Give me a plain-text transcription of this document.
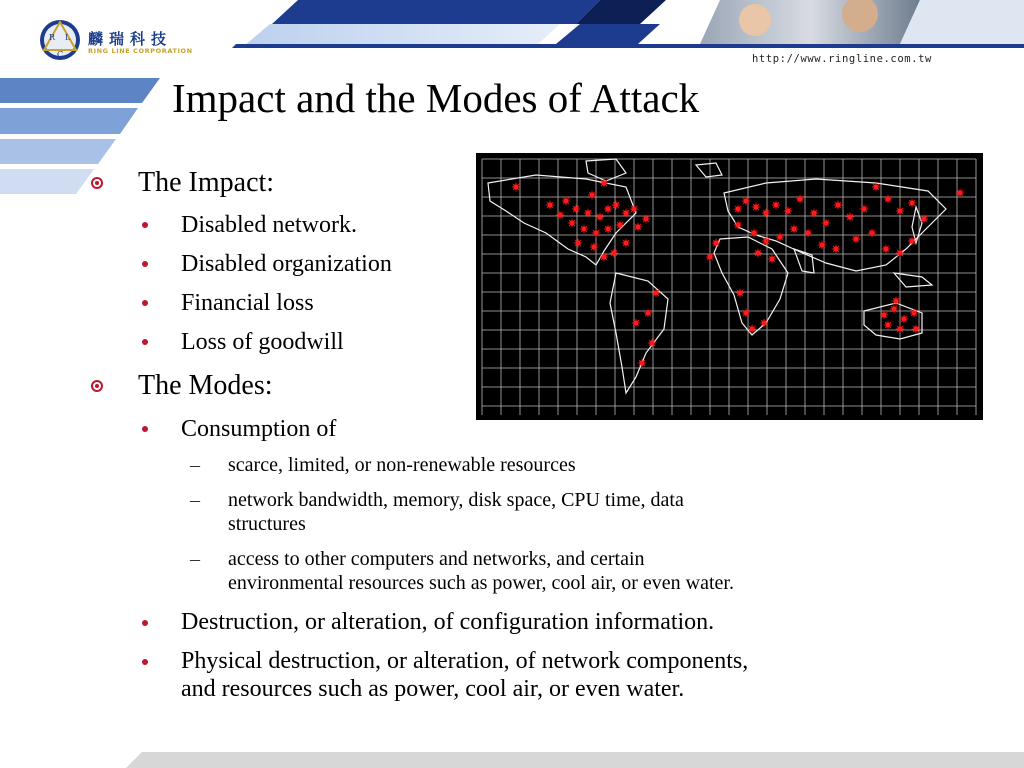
R L
C
麟瑞科技
RING LINE CORPORATION
http://www.ringline.com.tw
Impact and the Modes of Attack
The Impact:
Disabled network.
Disabled organization
Financial loss
Loss of goodwill
The Modes:
Consumption of
– scarce, limited, or non-renewable resources
– network bandwidth, memory, disk space, CPU time, data
structures
– access to other computers and networks, and certain
environmental resources such as power, cool air, or even water.
Destruction, or alteration, of configuration information.
Physical destruction, or alteration, of network components,
and resources such as power, cool air, or even water.
